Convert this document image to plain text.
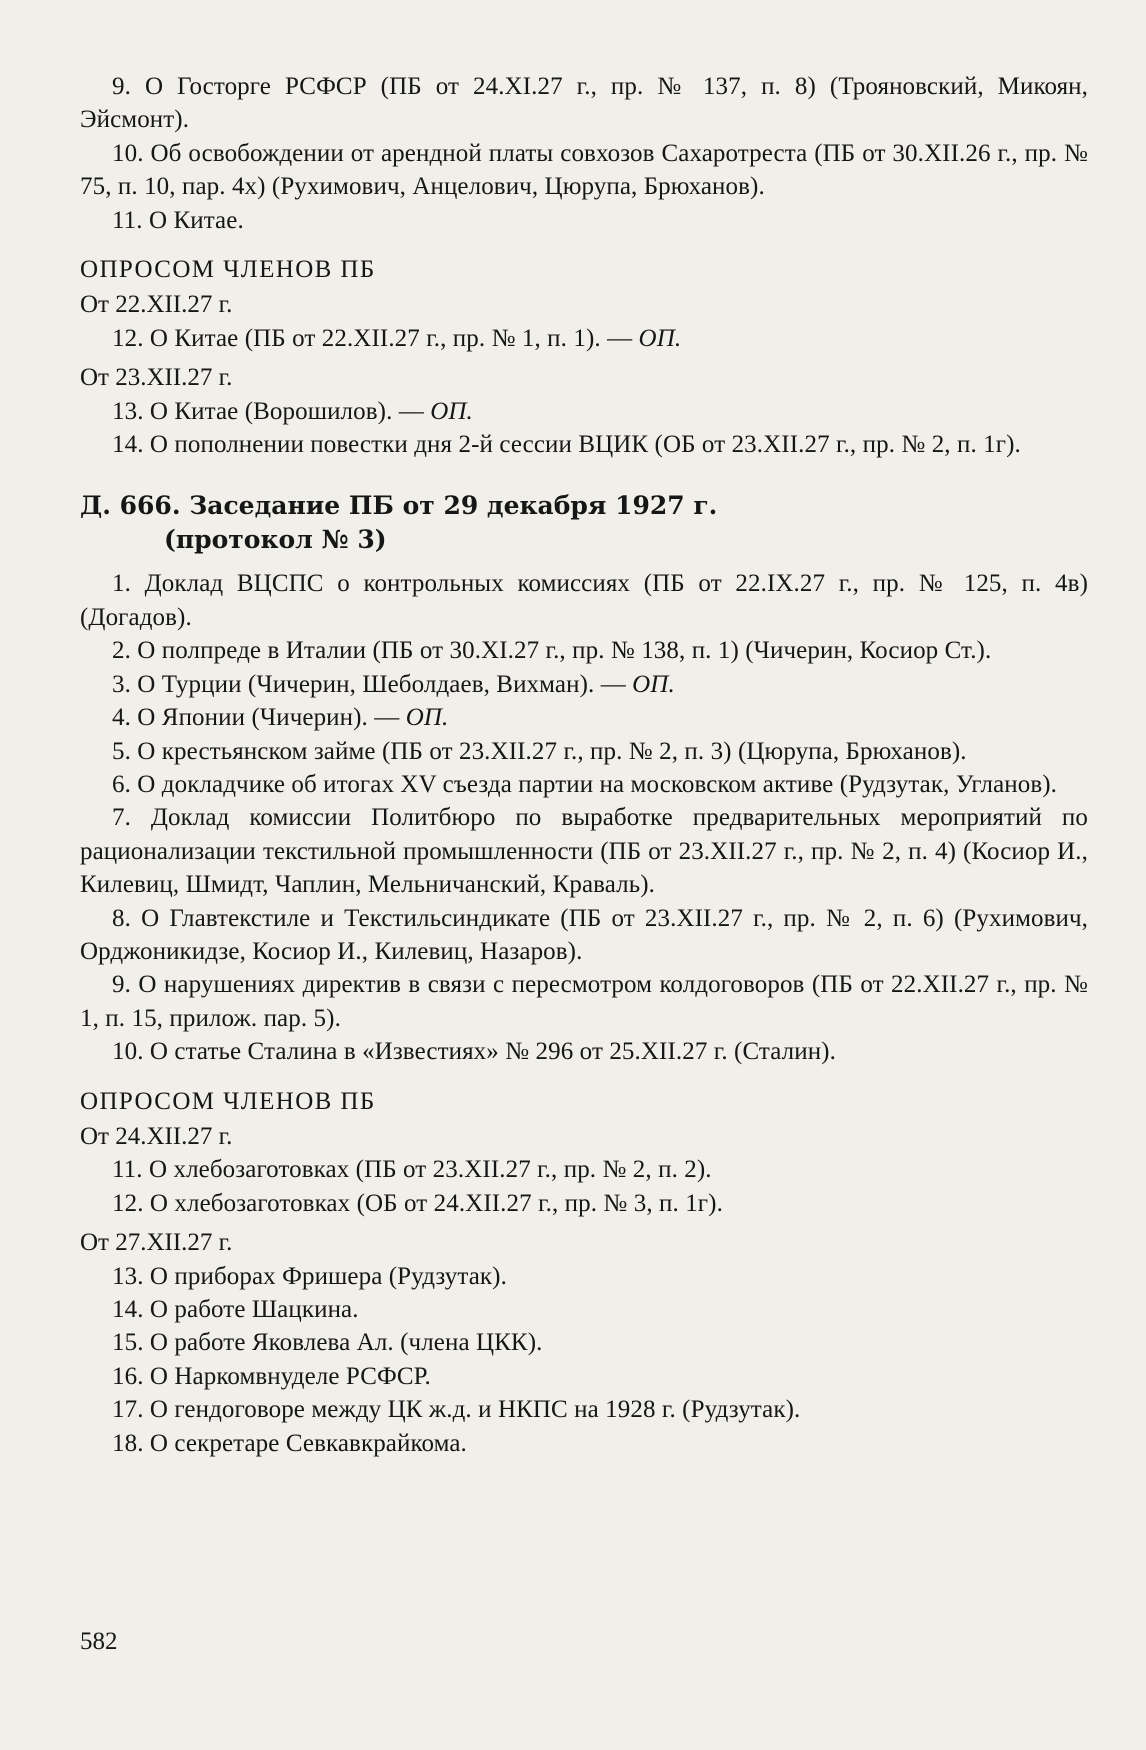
9. О Госторге РСФСР (ПБ от 24.XI.27 г., пр. № 137, п. 8) (Трояновский, Микоян, Эйсмонт).

10. Об освобождении от арендной платы совхозов Сахаротреста (ПБ от 30.XII.26 г., пр. № 75, п. 10, пар. 4х) (Рухимович, Анцелович, Цюрупа, Брюханов).

11. О Китае.

ОПРОСОМ ЧЛЕНОВ ПБ

От 22.XII.27 г.

12. О Китае (ПБ от 22.XII.27 г., пр. № 1, п. 1). — ОП.

От 23.XII.27 г.

13. О Китае (Ворошилов). — ОП.

14. О пополнении повестки дня 2-й сессии ВЦИК (ОБ от 23.XII.27 г., пр. № 2, п. 1г).

Д. 666. Заседание ПБ от 29 декабря 1927 г.
(протокол № 3)

1. Доклад ВЦСПС о контрольных комиссиях (ПБ от 22.IX.27 г., пр. № 125, п. 4в) (Догадов).

2. О полпреде в Италии (ПБ от 30.XI.27 г., пр. № 138, п. 1) (Чичерин, Косиор Ст.).

3. О Турции (Чичерин, Шеболдаев, Вихман). — ОП.

4. О Японии (Чичерин). — ОП.

5. О крестьянском займе (ПБ от 23.XII.27 г., пр. № 2, п. 3) (Цюрупа, Брюханов).

6. О докладчике об итогах XV съезда партии на московском активе (Рудзутак, Угланов).

7. Доклад комиссии Политбюро по выработке предварительных мероприятий по рационализации текстильной промышленности (ПБ от 23.XII.27 г., пр. № 2, п. 4) (Косиор И., Килевиц, Шмидт, Чаплин, Мельничанский, Краваль).

8. О Главтекстиле и Текстильсиндикате (ПБ от 23.XII.27 г., пр. № 2, п. 6) (Рухимович, Орджоникидзе, Косиор И., Килевиц, Назаров).

9. О нарушениях директив в связи с пересмотром колдоговоров (ПБ от 22.XII.27 г., пр. № 1, п. 15, прилож. пар. 5).

10. О статье Сталина в «Известиях» № 296 от 25.XII.27 г. (Сталин).

ОПРОСОМ ЧЛЕНОВ ПБ

От 24.XII.27 г.

11. О хлебозаготовках (ПБ от 23.XII.27 г., пр. № 2, п. 2).

12. О хлебозаготовках (ОБ от 24.XII.27 г., пр. № 3, п. 1г).

От 27.XII.27 г.

13. О приборах Фришера (Рудзутак).

14. О работе Шацкина.

15. О работе Яковлева Ал. (члена ЦКК).

16. О Наркомвнуделе РСФСР.

17. О гендоговоре между ЦК ж.д. и НКПС на 1928 г. (Рудзутак).

18. О секретаре Севкавкрайкома.

582
